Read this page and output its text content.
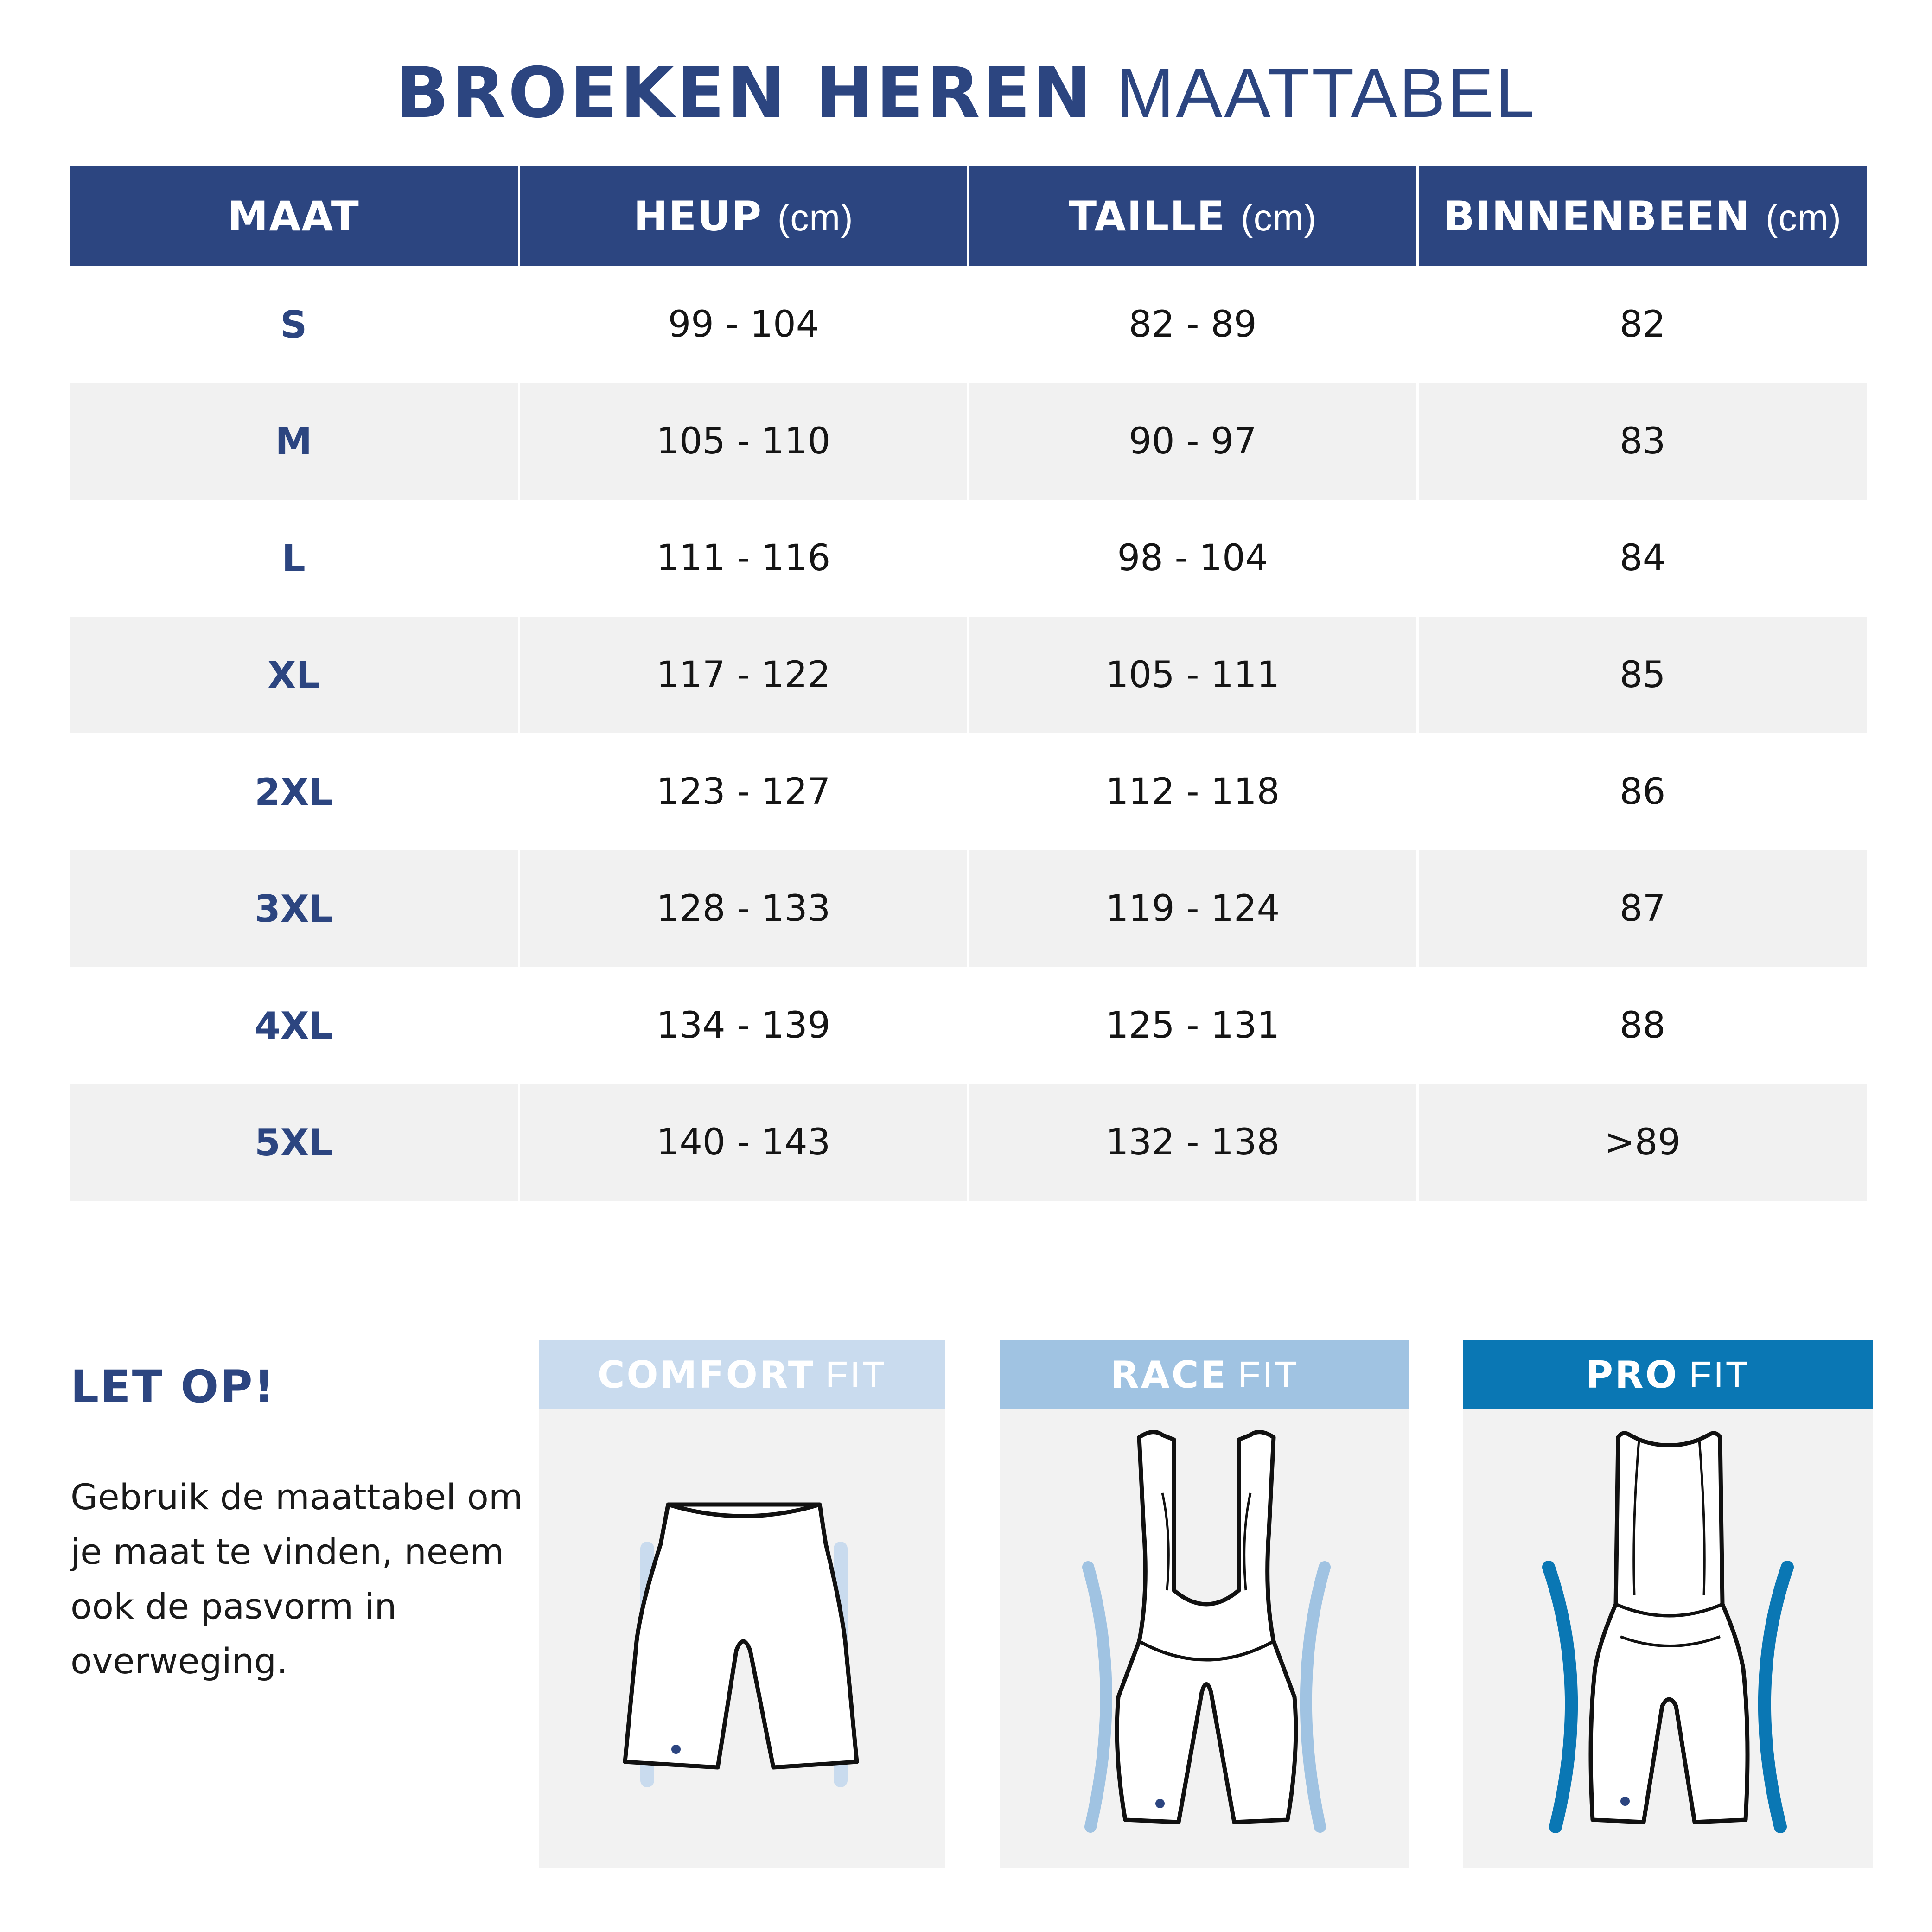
BROEKEN HEREN MAATTABEL
MAAT	HEUP (cm)	TAILLE (cm)	BINNENBEEN (cm)
S	99 - 104	82 - 89	82
M	105 - 110	90 - 97	83
L	111 - 116	98 - 104	84
XL	117 - 122	105 - 111	85
2XL	123 - 127	112 - 118	86
3XL	128 - 133	119 - 124	87
4XL	134 - 139	125 - 131	88
5XL	140 - 143	132 - 138	>89
LET OP!
Gebruik de maattabel om je maat te vinden, neem ook de pasvorm in overweging.
COMFORT FIT	RACE FIT	PRO FIT
